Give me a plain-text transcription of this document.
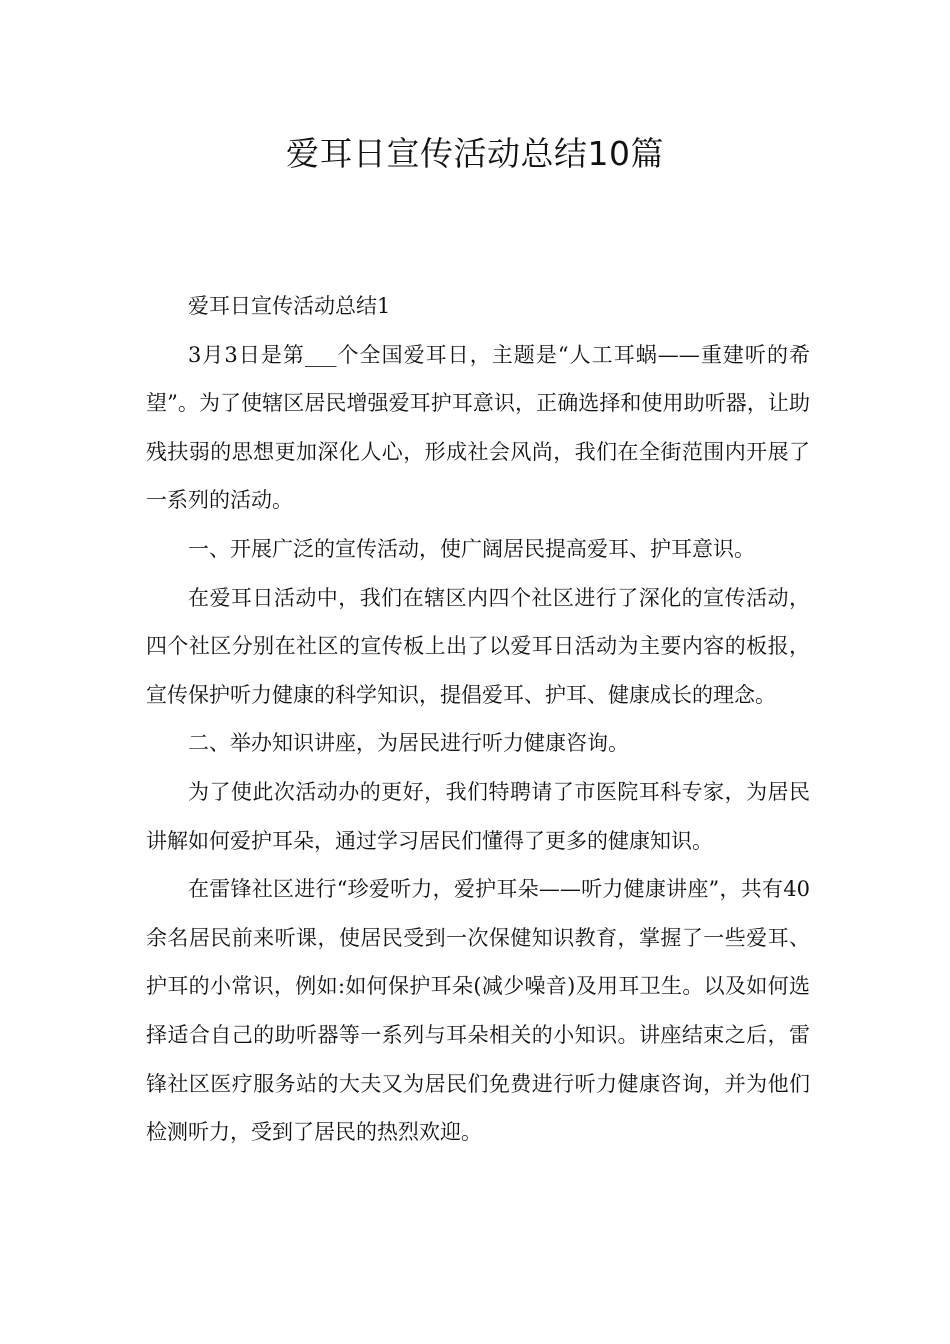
爱耳日宣传活动总结10篇

爱耳日宣传活动总结1

3月3日是第___个全国爱耳日，主题是“人工耳蜗——重建听的希望”。为了使辖区居民增强爱耳护耳意识，正确选择和使用助听器，让助残扶弱的思想更加深化人心，形成社会风尚，我们在全街范围内开展了一系列的活动。

一、开展广泛的宣传活动，使广阔居民提高爱耳、护耳意识。

在爱耳日活动中，我们在辖区内四个社区进行了深化的宣传活动，四个社区分别在社区的宣传板上出了以爱耳日活动为主要内容的板报，宣传保护听力健康的科学知识，提倡爱耳、护耳、健康成长的理念。

二、举办知识讲座，为居民进行听力健康咨询。

为了使此次活动办的更好，我们特聘请了市医院耳科专家，为居民讲解如何爱护耳朵，通过学习居民们懂得了更多的健康知识。

在雷锋社区进行“珍爱听力，爱护耳朵——听力健康讲座”，共有40余名居民前来听课，使居民受到一次保健知识教育，掌握了一些爱耳、护耳的小常识，例如:如何保护耳朵(减少噪音)及用耳卫生。以及如何选择适合自己的助听器等一系列与耳朵相关的小知识。讲座结束之后，雷锋社区医疗服务站的大夫又为居民们免费进行听力健康咨询，并为他们检测听力，受到了居民的热烈欢迎。
